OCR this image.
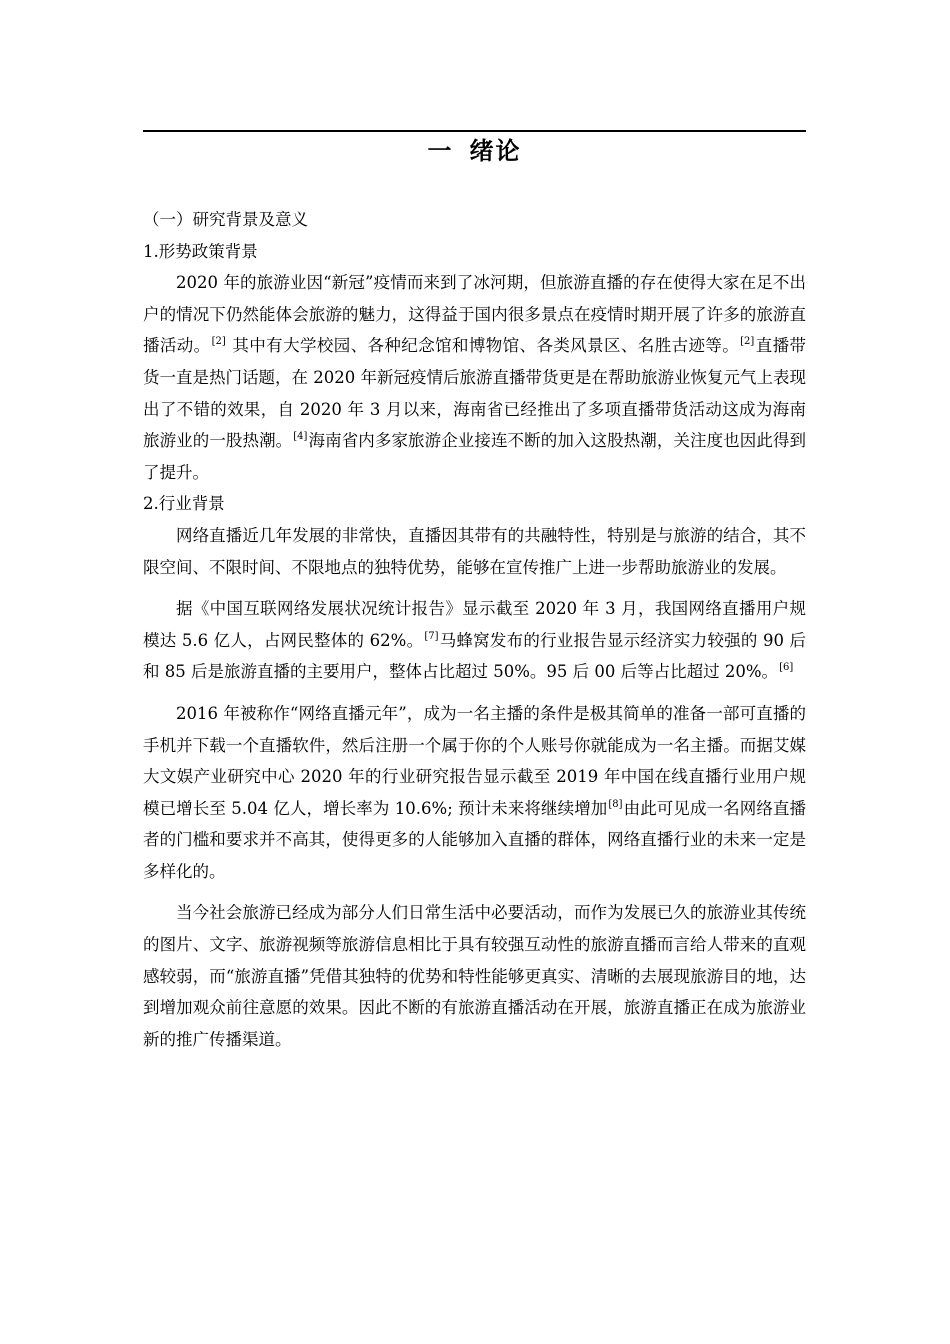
一 绪论

（一）研究背景及意义

1.形势政策背景

2020 年的旅游业因“新冠”疫情而来到了冰河期，但旅游直播的存在使得大家在足不出户的情况下仍然能体会旅游的魅力，这得益于国内很多景点在疫情时期开展了许多的旅游直播活动。[2] 其中有大学校园、各种纪念馆和博物馆、各类风景区、名胜古迹等。[2]直播带货一直是热门话题，在 2020 年新冠疫情后旅游直播带货更是在帮助旅游业恢复元气上表现出了不错的效果，自 2020 年 3 月以来，海南省已经推出了多项直播带货活动这成为海南旅游业的一股热潮。[4]海南省内多家旅游企业接连不断的加入这股热潮，关注度也因此得到了提升。

2.行业背景

网络直播近几年发展的非常快，直播因其带有的共融特性，特别是与旅游的结合，其不限空间、不限时间、不限地点的独特优势，能够在宣传推广上进一步帮助旅游业的发展。

据《中国互联网络发展状况统计报告》显示截至 2020 年 3 月，我国网络直播用户规模达 5.6 亿人，占网民整体的 62%。[7]马蜂窝发布的行业报告显示经济实力较强的 90 后和 85 后是旅游直播的主要用户，整体占比超过 50%。95 后 00 后等占比超过 20%。[6]

2016 年被称作“网络直播元年”，成为一名主播的条件是极其简单的准备一部可直播的手机并下载一个直播软件，然后注册一个属于你的个人账号你就能成为一名主播。而据艾媒大文娱产业研究中心 2020 年的行业研究报告显示截至 2019 年中国在线直播行业用户规模已增长至 5.04 亿人，增长率为 10.6%; 预计未来将继续增加[8]由此可见成一名网络直播者的门槛和要求并不高其，使得更多的人能够加入直播的群体，网络直播行业的未来一定是多样化的。

当今社会旅游已经成为部分人们日常生活中必要活动，而作为发展已久的旅游业其传统的图片、文字、旅游视频等旅游信息相比于具有较强互动性的旅游直播而言给人带来的直观感较弱，而“旅游直播”凭借其独特的优势和特性能够更真实、清晰的去展现旅游目的地，达到增加观众前往意愿的效果。因此不断的有旅游直播活动在开展，旅游直播正在成为旅游业新的推广传播渠道。
